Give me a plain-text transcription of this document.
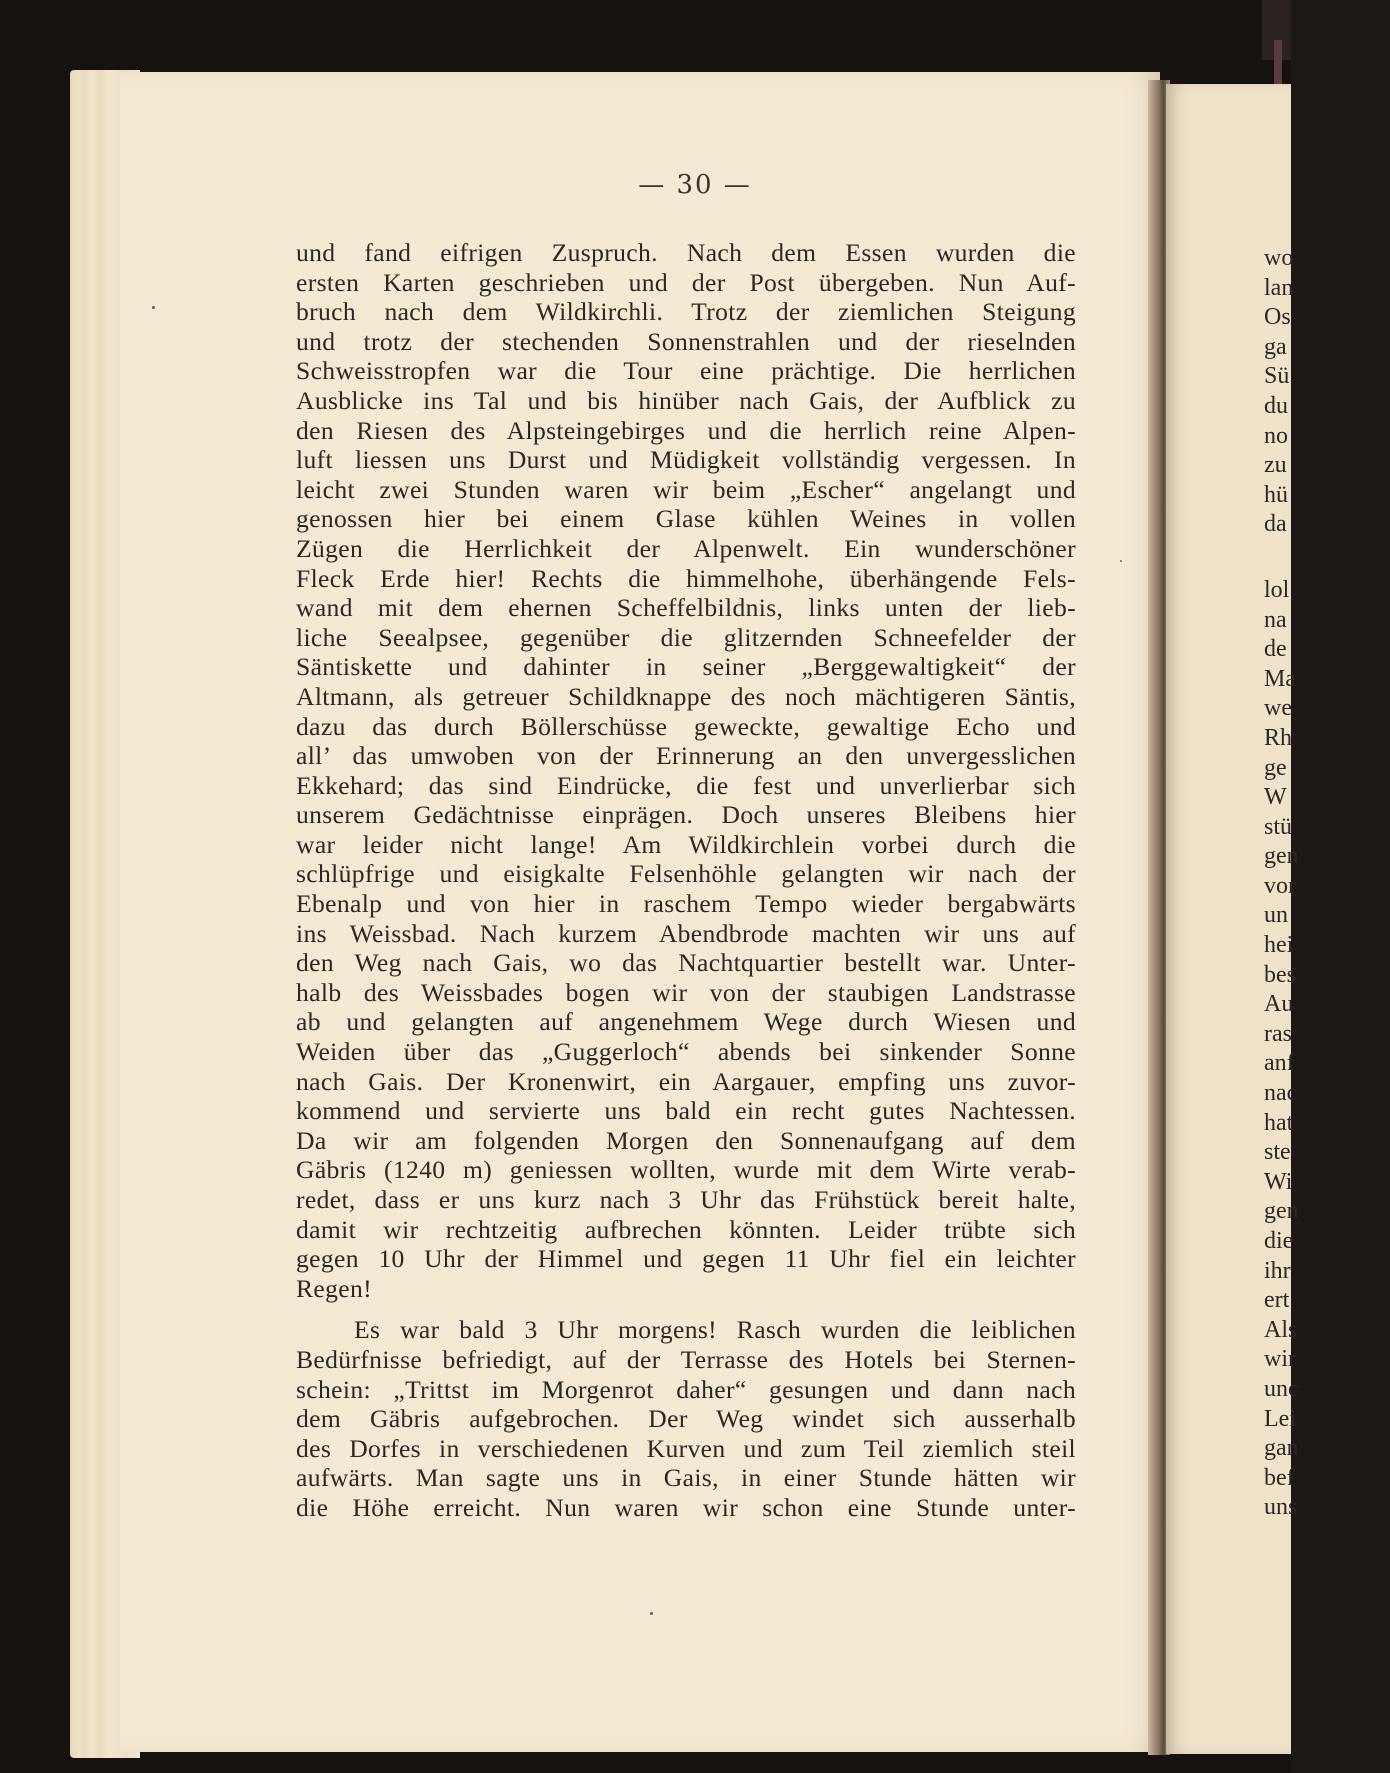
— 30 —
und fand eifrigen Zuspruch. Nach dem Essen wurden die
ersten Karten geschrieben und der Post übergeben. Nun Auf-
bruch nach dem Wildkirchli. Trotz der ziemlichen Steigung
und trotz der stechenden Sonnenstrahlen und der rieselnden
Schweisstropfen war die Tour eine prächtige. Die herrlichen
Ausblicke ins Tal und bis hinüber nach Gais, der Aufblick zu
den Riesen des Alpsteingebirges und die herrlich reine Alpen-
luft liessen uns Durst und Müdigkeit vollständig vergessen. In
leicht zwei Stunden waren wir beim „Escher“ angelangt und
genossen hier bei einem Glase kühlen Weines in vollen
Zügen die Herrlichkeit der Alpenwelt. Ein wunderschöner
Fleck Erde hier! Rechts die himmelhohe, überhängende Fels-
wand mit dem ehernen Scheffelbildnis, links unten der lieb-
liche Seealpsee, gegenüber die glitzernden Schneefelder der
Säntiskette und dahinter in seiner „Berggewaltigkeit“ der
Altmann, als getreuer Schildknappe des noch mächtigeren Säntis,
dazu das durch Böllerschüsse geweckte, gewaltige Echo und
all’ das umwoben von der Erinnerung an den unvergesslichen
Ekkehard; das sind Eindrücke, die fest und unverlierbar sich
unserem Gedächtnisse einprägen. Doch unseres Bleibens hier
war leider nicht lange! Am Wildkirchlein vorbei durch die
schlüpfrige und eisigkalte Felsenhöhle gelangten wir nach der
Ebenalp und von hier in raschem Tempo wieder bergabwärts
ins Weissbad. Nach kurzem Abendbrode machten wir uns auf
den Weg nach Gais, wo das Nachtquartier bestellt war. Unter-
halb des Weissbades bogen wir von der staubigen Landstrasse
ab und gelangten auf angenehmem Wege durch Wiesen und
Weiden über das „Guggerloch“ abends bei sinkender Sonne
nach Gais. Der Kronenwirt, ein Aargauer, empfing uns zuvor-
kommend und servierte uns bald ein recht gutes Nachtessen.
Da wir am folgenden Morgen den Sonnenaufgang auf dem
Gäbris (1240 m) geniessen wollten, wurde mit dem Wirte verab-
redet, dass er uns kurz nach 3 Uhr das Frühstück bereit halte,
damit wir rechtzeitig aufbrechen könnten. Leider trübte sich
gegen 10 Uhr der Himmel und gegen 11 Uhr fiel ein leichter
Regen!
Es war bald 3 Uhr morgens! Rasch wurden die leiblichen
Bedürfnisse befriedigt, auf der Terrasse des Hotels bei Sternen-
schein: „Trittst im Morgenrot daher“ gesungen und dann nach
dem Gäbris aufgebrochen. Der Weg windet sich ausserhalb
des Dorfes in verschiedenen Kurven und zum Teil ziemlich steil
aufwärts. Man sagte uns in Gais, in einer Stunde hätten wir
die Höhe erreicht. Nun waren wir schon eine Stunde unter-
wo
lan
Os
ga
Sü
du
no
zu
hü
da
lol
na
de
Ma
we
Rh
ge
W
stü
gen
vor
un
hei
bes
Au
ras
anf
nac
hat
ste
Wi
gen
die
ihr
ert
Als
wir
unc
Lei
gan
bef
uns
